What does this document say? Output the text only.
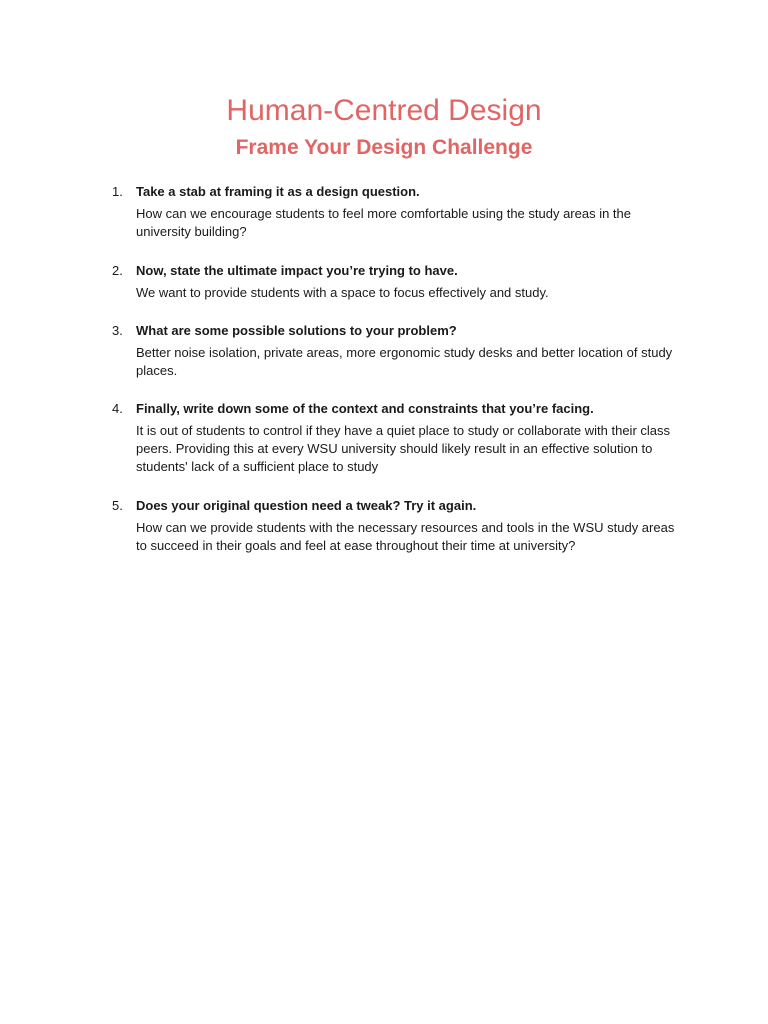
Human-Centred Design
Frame Your Design Challenge
1. Take a stab at framing it as a design question.
How can we encourage students to feel more comfortable using the study areas in the university building?
2. Now, state the ultimate impact you’re trying to have.
We want to provide students with a space to focus effectively and study.
3. What are some possible solutions to your problem?
Better noise isolation, private areas, more ergonomic study desks and better location of study places.
4. Finally, write down some of the context and constraints that you’re facing.
It is out of students to control if they have a quiet place to study or collaborate with their class peers. Providing this at every WSU university should likely result in an effective solution to students' lack of a sufficient place to study
5. Does your original question need a tweak? Try it again.
How can we provide students with the necessary resources and tools in the WSU study areas to succeed in their goals and feel at ease throughout their time at university?
